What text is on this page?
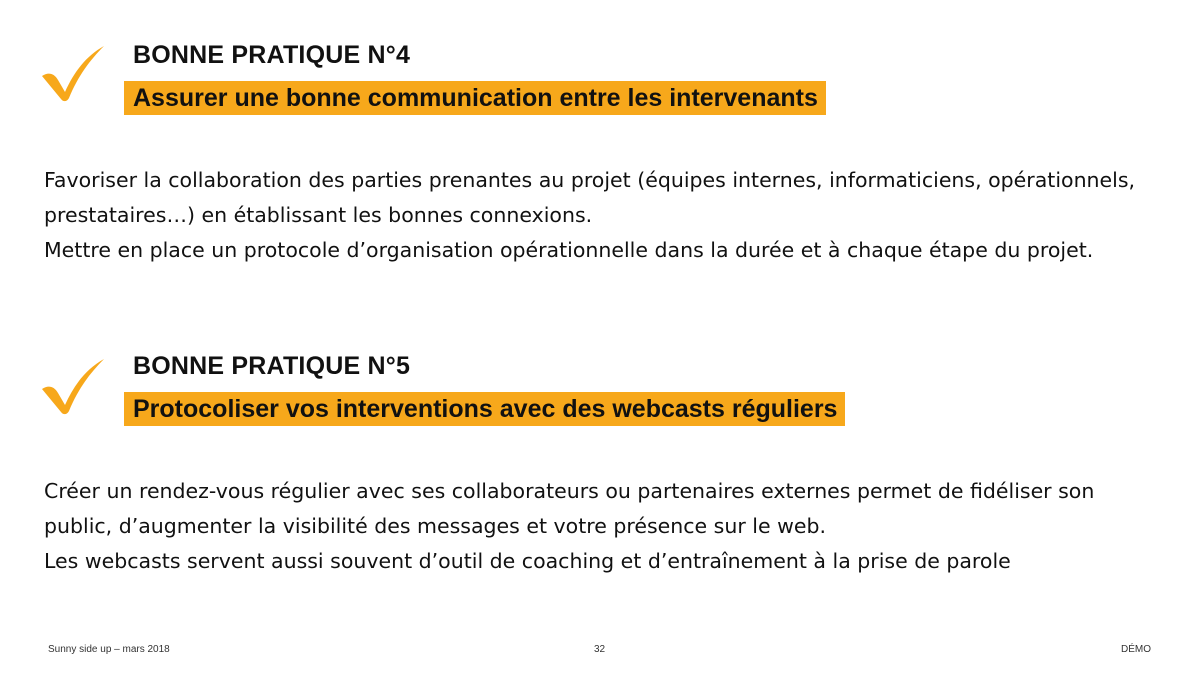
BONNE PRATIQUE N°4
Assurer une bonne communication entre les intervenants

Favoriser la collaboration des parties prenantes au projet (équipes internes, informaticiens, opérationnels, prestataires…) en établissant les bonnes connexions.

Mettre en place un protocole d’organisation opérationnelle dans la durée et à chaque étape du projet.

BONNE PRATIQUE N°5
Protocoliser vos interventions avec des webcasts réguliers

Créer un rendez-vous régulier avec ses collaborateurs ou partenaires externes permet de fidéliser son public, d’augmenter la visibilité des messages et votre présence sur le web.

Les webcasts servent aussi souvent d’outil de coaching et d’entraînement à la prise de parole

Sunny side up – mars 2018	32	DÉMO
